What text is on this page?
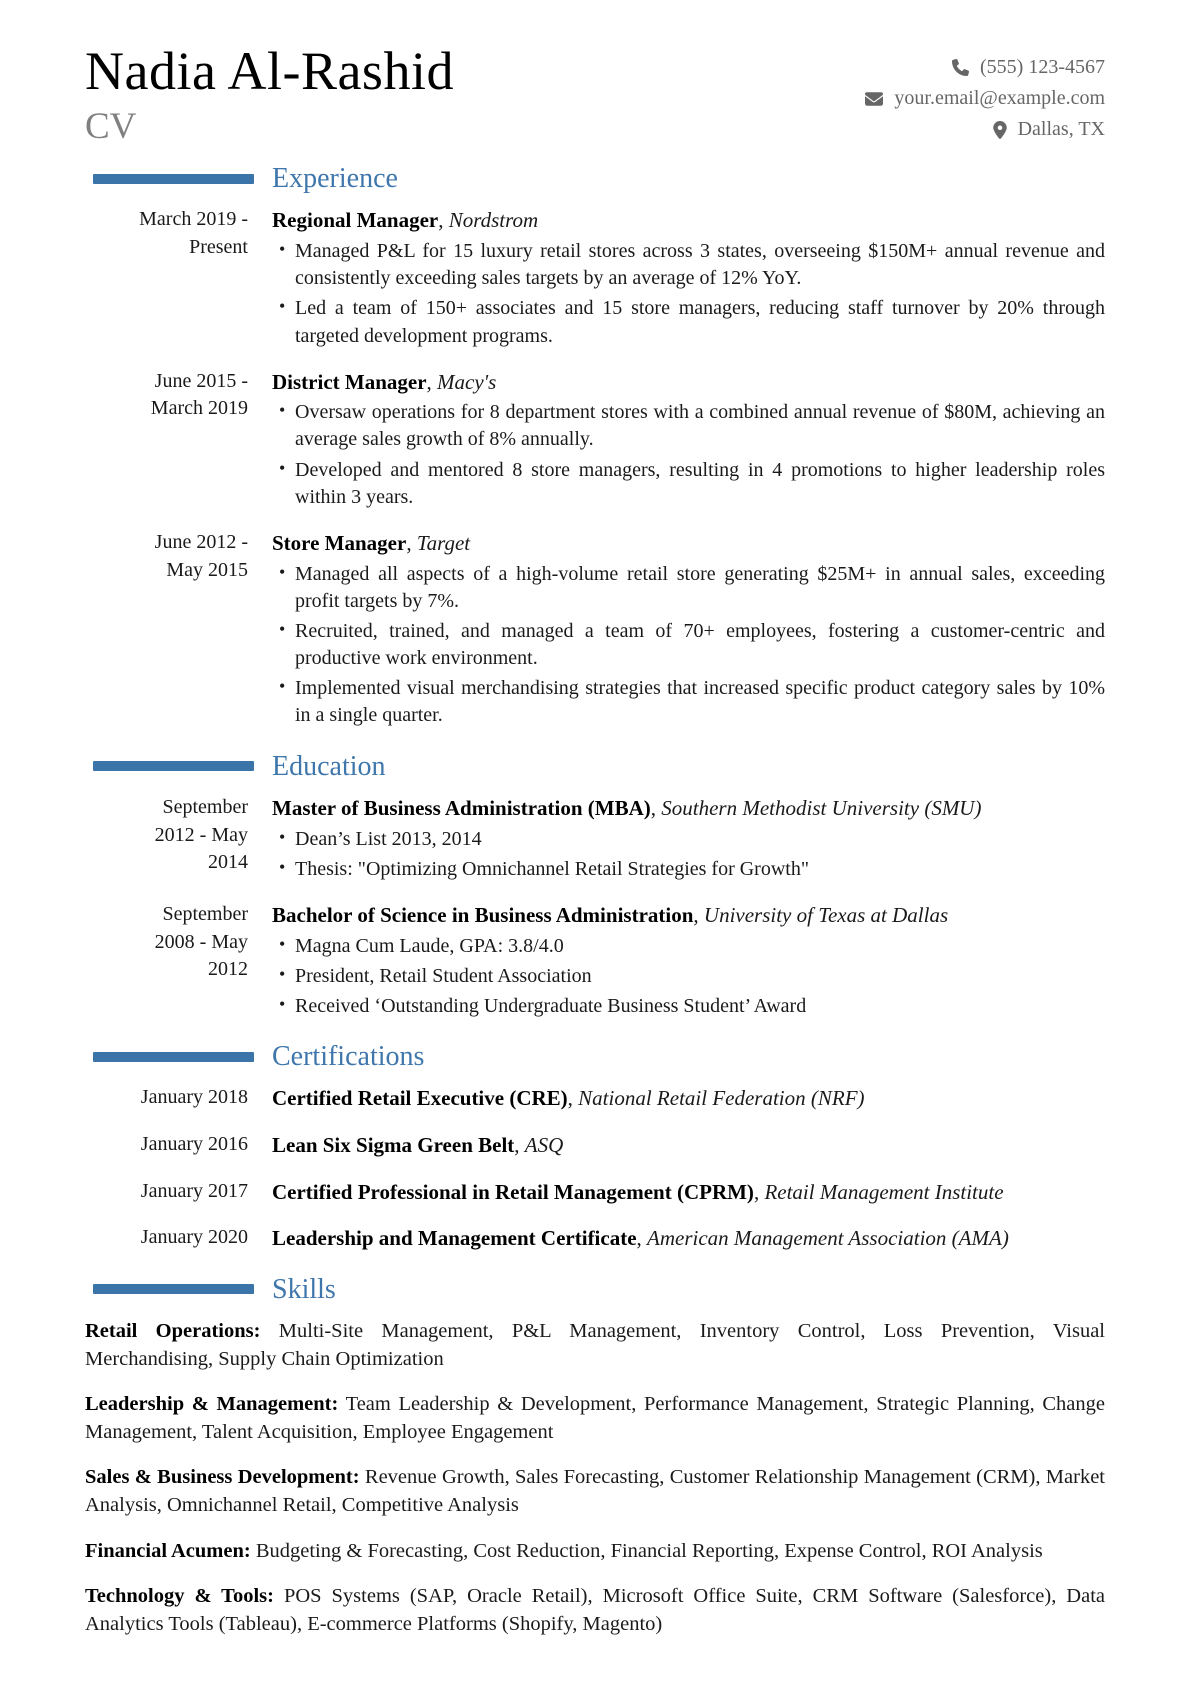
Nadia Al-Rashid
CV
(555) 123-4567
your.email@example.com
Dallas, TX
Experience
March 2019 - Present
Regional Manager, Nordstrom
• Managed P&L for 15 luxury retail stores across 3 states, overseeing $150M+ annual revenue and consistently exceeding sales targets by an average of 12% YoY.
• Led a team of 150+ associates and 15 store managers, reducing staff turnover by 20% through targeted development programs.
June 2015 - March 2019
District Manager, Macy's
• Oversaw operations for 8 department stores with a combined annual revenue of $80M, achieving an average sales growth of 8% annually.
• Developed and mentored 8 store managers, resulting in 4 promotions to higher leadership roles within 3 years.
June 2012 - May 2015
Store Manager, Target
• Managed all aspects of a high-volume retail store generating $25M+ in annual sales, exceeding profit targets by 7%.
• Recruited, trained, and managed a team of 70+ employees, fostering a customer-centric and productive work environment.
• Implemented visual merchandising strategies that increased specific product category sales by 10% in a single quarter.
Education
September 2012 - May 2014
Master of Business Administration (MBA), Southern Methodist University (SMU)
• Dean’s List 2013, 2014
• Thesis: "Optimizing Omnichannel Retail Strategies for Growth"
September 2008 - May 2012
Bachelor of Science in Business Administration, University of Texas at Dallas
• Magna Cum Laude, GPA: 3.8/4.0
• President, Retail Student Association
• Received ‘Outstanding Undergraduate Business Student’ Award
Certifications
January 2018 Certified Retail Executive (CRE), National Retail Federation (NRF)
January 2016 Lean Six Sigma Green Belt, ASQ
January 2017 Certified Professional in Retail Management (CPRM), Retail Management Institute
January 2020 Leadership and Management Certificate, American Management Association (AMA)
Skills

Retail Operations: Multi-Site Management, P&L Management, Inventory Control, Loss Prevention, Visual Merchandising, Supply Chain Optimization

Leadership & Management: Team Leadership & Development, Performance Management, Strategic Planning, Change Management, Talent Acquisition, Employee Engagement

Sales & Business Development: Revenue Growth, Sales Forecasting, Customer Relationship Management (CRM), Market Analysis, Omnichannel Retail, Competitive Analysis

Financial Acumen: Budgeting & Forecasting, Cost Reduction, Financial Reporting, Expense Control, ROI Analysis

Technology & Tools: POS Systems (SAP, Oracle Retail), Microsoft Office Suite, CRM Software (Salesforce), Data Analytics Tools (Tableau), E-commerce Platforms (Shopify, Magento)
